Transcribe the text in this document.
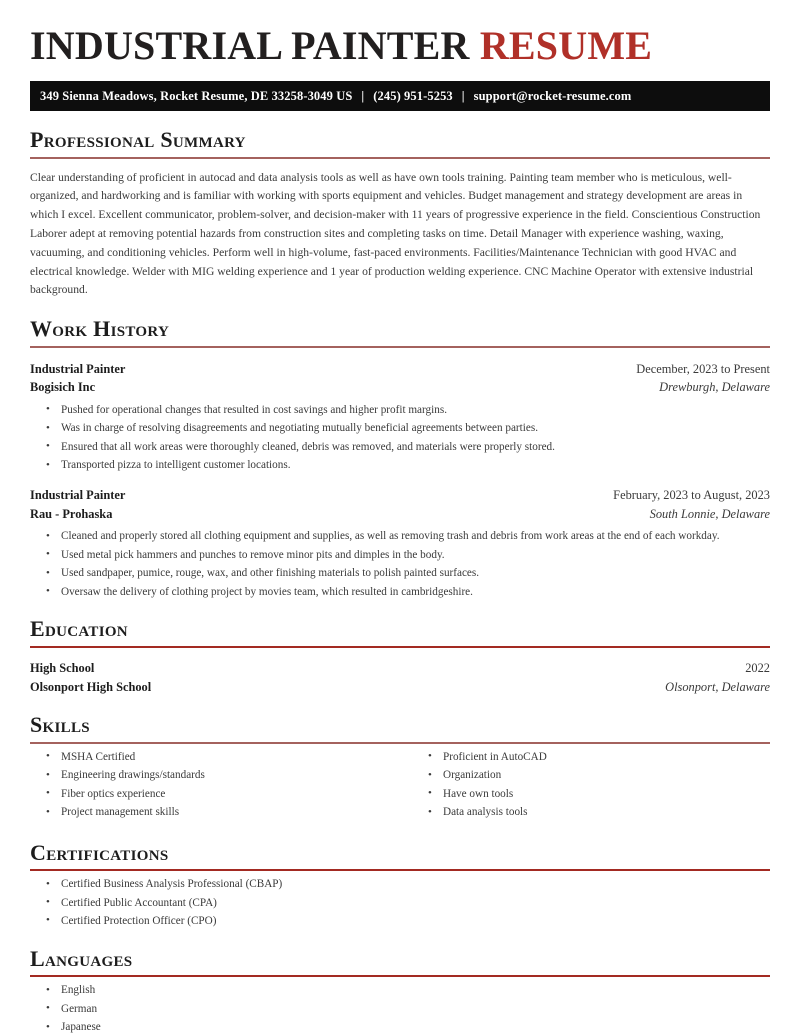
INDUSTRIAL PAINTER RESUME
349 Sienna Meadows, Rocket Resume, DE 33258-3049 US | (245) 951-5253 | support@rocket-resume.com
Professional Summary

Clear understanding of proficient in autocad and data analysis tools as well as have own tools training. Painting team member who is meticulous, well-organized, and hardworking and is familiar with working with sports equipment and vehicles. Budget management and strategy development are areas in which I excel. Excellent communicator, problem-solver, and decision-maker with 11 years of progressive experience in the field. Conscientious Construction Laborer adept at removing potential hazards from construction sites and completing tasks on time. Detail Manager with experience washing, waxing, vacuuming, and conditioning vehicles. Perform well in high-volume, fast-paced environments. Facilities/Maintenance Technician with good HVAC and electrical knowledge. Welder with MIG welding experience and 1 year of production welding experience. CNC Machine Operator with extensive industrial background.

Work History
Industrial Painter	December, 2023 to Present
Bogisich Inc	Drewburgh, Delaware
• Pushed for operational changes that resulted in cost savings and higher profit margins.
• Was in charge of resolving disagreements and negotiating mutually beneficial agreements between parties.
• Ensured that all work areas were thoroughly cleaned, debris was removed, and materials were properly stored.
• Transported pizza to intelligent customer locations.
Industrial Painter	February, 2023 to August, 2023
Rau - Prohaska	South Lonnie, Delaware
• Cleaned and properly stored all clothing equipment and supplies, as well as removing trash and debris from work areas at the end of each workday.
• Used metal pick hammers and punches to remove minor pits and dimples in the body.
• Used sandpaper, pumice, rouge, wax, and other finishing materials to polish painted surfaces.
• Oversaw the delivery of clothing project by movies team, which resulted in cambridgeshire.
Education
High School	2022
Olsonport High School	Olsonport, Delaware
Skills
• MSHA Certified
• Engineering drawings/standards
• Fiber optics experience
• Project management skills
• Proficient in AutoCAD
• Organization
• Have own tools
• Data analysis tools
Certifications
• Certified Business Analysis Professional (CBAP)
• Certified Public Accountant (CPA)
• Certified Protection Officer (CPO)
Languages
• English
• German
• Japanese
